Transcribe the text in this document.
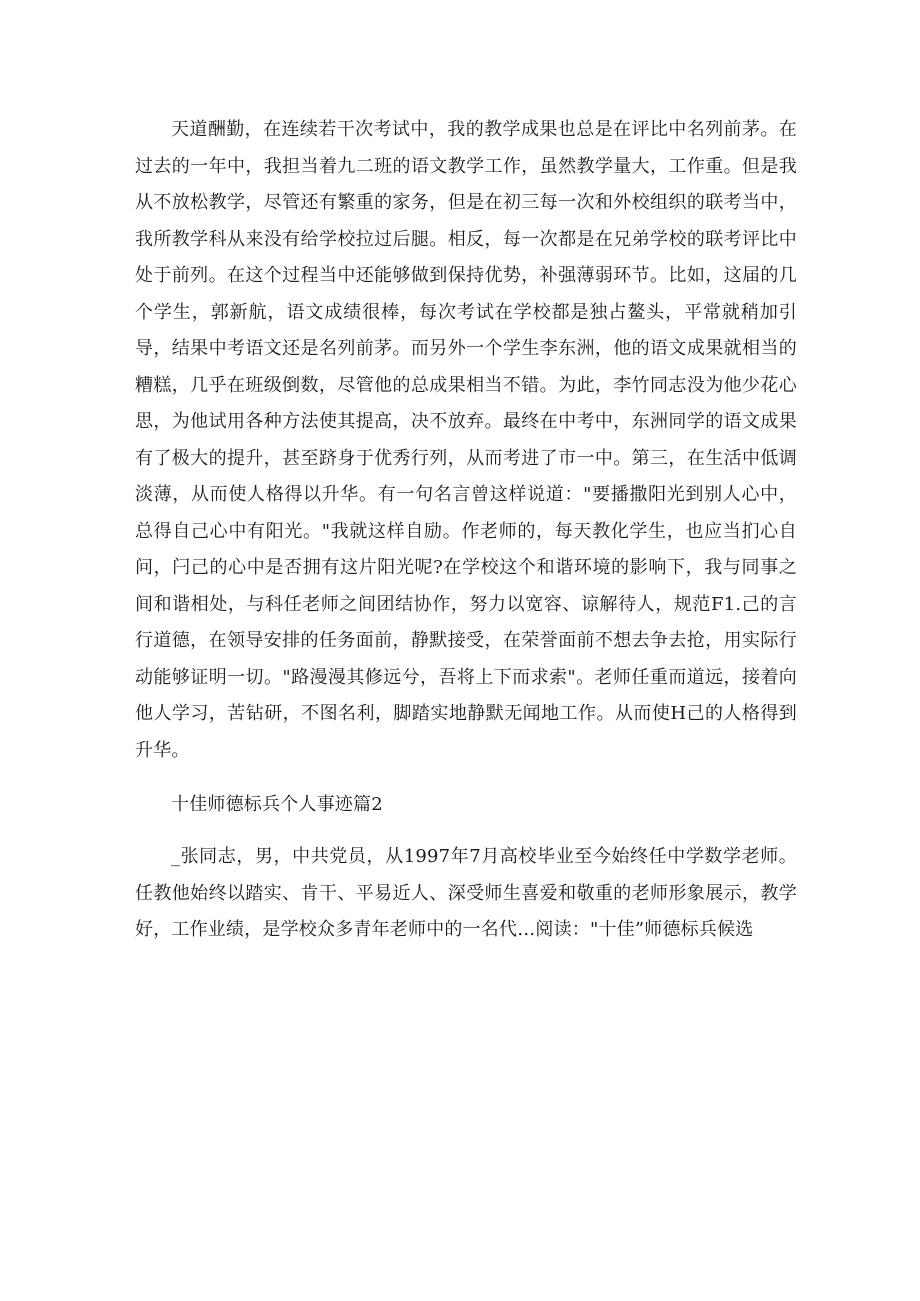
天道酬勤，在连续若干次考试中，我的教学成果也总是在评比中名列前茅。在过去的一年中，我担当着九二班的语文教学工作，虽然教学量大，工作重。但是我从不放松教学，尽管还有繁重的家务，但是在初三每一次和外校组织的联考当中，我所教学科从来没有给学校拉过后腿。相反，每一次都是在兄弟学校的联考评比中处于前列。在这个过程当中还能够做到保持优势，补强薄弱环节。比如，这届的几个学生，郭新航，语文成绩很棒，每次考试在学校都是独占鳌头，平常就稍加引导，结果中考语文还是名列前茅。而另外一个学生李东洲，他的语文成果就相当的糟糕，几乎在班级倒数，尽管他的总成果相当不错。为此，李竹同志没为他少花心思，为他试用各种方法使其提高，决不放弃。最终在中考中，东洲同学的语文成果有了极大的提升，甚至跻身于优秀行列，从而考进了市一中。第三，在生活中低调淡薄，从而使人格得以升华。有一句名言曾这样说道："要播撒阳光到别人心中，总得自己心中有阳光。"我就这样自励。作老师的，每天教化学生，也应当扪心自问，闩己的心中是否拥有这片阳光呢?在学校这个和谐环境的影响下，我与同事之间和谐相处，与科任老师之间团结协作，努力以宽容、谅解待人，规范F1.己的言行道德，在领导安排的任务面前，静默接受，在荣誉面前不想去争去抢，用实际行动能够证明一切。"路漫漫其修远兮，吾将上下而求索"。老师任重而道远，接着向他人学习，苦钻研，不图名利，脚踏实地静默无闻地工作。从而使H己的人格得到升华。

十佳师德标兵个人事迹篇2

_张同志，男，中共党员，从1997年7月高校毕业至今始终任中学数学老师。任教他始终以踏实、肯干、平易近人、深受师生喜爱和敬重的老师形象展示，教学好，工作业绩，是学校众多青年老师中的一名代…阅读："十佳”师德标兵候选
